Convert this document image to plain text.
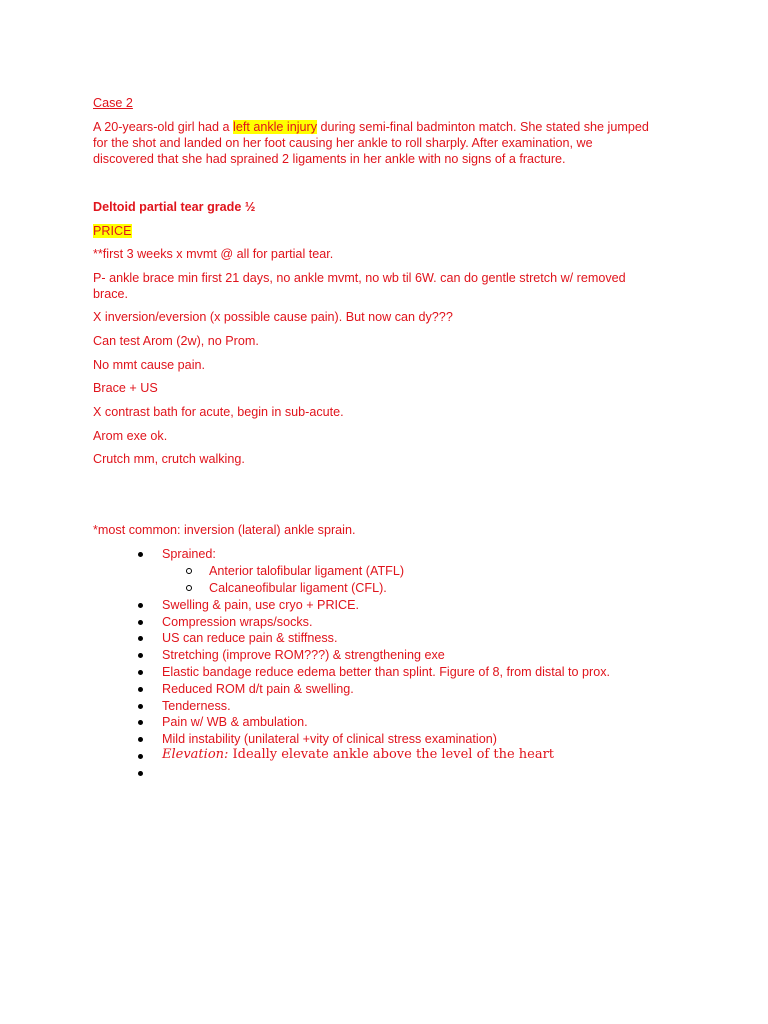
Case 2
A 20-years-old girl had a left ankle injury during semi-final badminton match. She stated she jumped
for the shot and landed on her foot causing her ankle to roll sharply. After examination, we
discovered that she had sprained 2 ligaments in her ankle with no signs of a fracture.
Deltoid partial tear grade ½
PRICE
**first 3 weeks x mvmt @ all for partial tear.
P- ankle brace min first 21 days, no ankle mvmt, no wb til 6W. can do gentle stretch w/ removed
brace.
X inversion/eversion (x possible cause pain). But now can dy???
Can test Arom (2w), no Prom.
No mmt cause pain.
Brace + US
X contrast bath for acute, begin in sub-acute.
Arom exe ok.
Crutch mm, crutch walking.
*most common: inversion (lateral) ankle sprain.
Sprained:
Anterior talofibular ligament (ATFL)
Calcaneofibular ligament (CFL).
Swelling & pain, use cryo + PRICE.
Compression wraps/socks.
US can reduce pain & stiffness.
Stretching (improve ROM???) & strengthening exe
Elastic bandage reduce edema better than splint. Figure of 8, from distal to prox.
Reduced ROM d/t pain & swelling.
Tenderness.
Pain w/ WB & ambulation.
Mild instability (unilateral +vity of clinical stress examination)
Elevation: Ideally elevate ankle above the level of the heart
